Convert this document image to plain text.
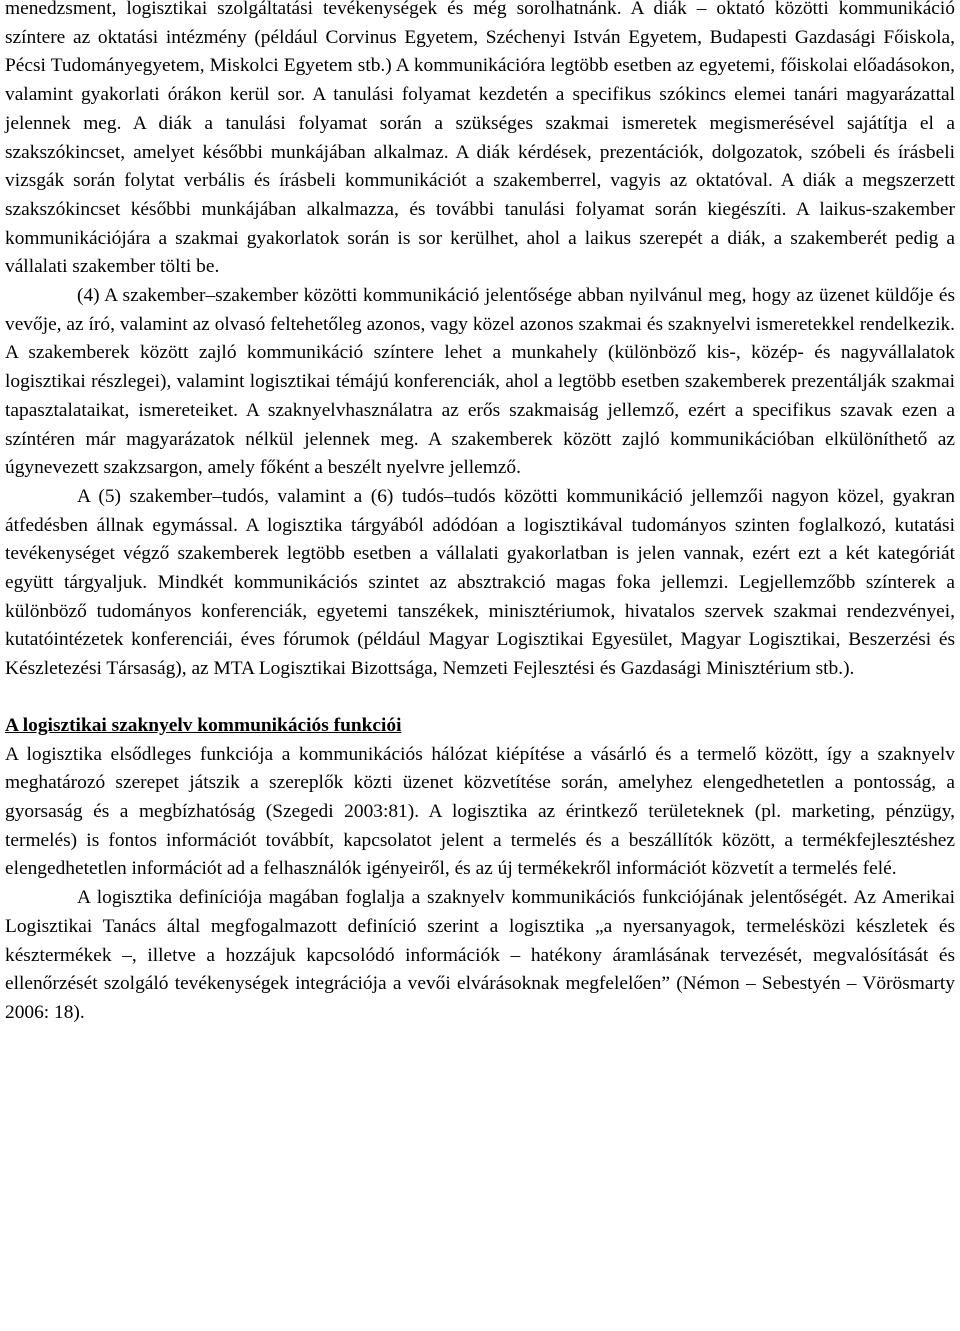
menedzsment, logisztikai szolgáltatási tevékenységek és még sorolhatnánk. A diák – oktató közötti kommunikáció színtere az oktatási intézmény (például Corvinus Egyetem, Széchenyi István Egyetem, Budapesti Gazdasági Főiskola, Pécsi Tudományegyetem, Miskolci Egyetem stb.) A kommunikációra legtöbb esetben az egyetemi, főiskolai előadásokon, valamint gyakorlati órákon kerül sor. A tanulási folyamat kezdetén a specifikus szókincs elemei tanári magyarázattal jelennek meg. A diák a tanulási folyamat során a szükséges szakmai ismeretek megismerésével sajátítja el a szakszókincset, amelyet későbbi munkájában alkalmaz. A diák kérdések, prezentációk, dolgozatok, szóbeli és írásbeli vizsgák során folytat verbális és írásbeli kommunikációt a szakemberrel, vagyis az oktatóval. A diák a megszerzett szakszókincset későbbi munkájában alkalmazza, és további tanulási folyamat során kiegészíti. A laikus-szakember kommunikációjára a szakmai gyakorlatok során is sor kerülhet, ahol a laikus szerepét a diák, a szakemberét pedig a vállalati szakember tölti be.

(4) A szakember–szakember közötti kommunikáció jelentősége abban nyilvánul meg, hogy az üzenet küldője és vevője, az író, valamint az olvasó feltehetőleg azonos, vagy közel azonos szakmai és szaknyelvi ismeretekkel rendelkezik. A szakemberek között zajló kommunikáció színtere lehet a munkahely (különböző kis-, közép- és nagyvállalatok logisztikai részlegei), valamint logisztikai témájú konferenciák, ahol a legtöbb esetben szakemberek prezentálják szakmai tapasztalataikat, ismereteiket. A szaknyelvhasználatra az erős szakmaiság jellemző, ezért a specifikus szavak ezen a színtéren már magyarázatok nélkül jelennek meg. A szakemberek között zajló kommunikációban elkülöníthető az úgynevezett szakzsargon, amely főként a beszélt nyelvre jellemző.

A (5) szakember–tudós, valamint a (6) tudós–tudós közötti kommunikáció jellemzői nagyon közel, gyakran átfedésben állnak egymással. A logisztika tárgyából adódóan a logisztikával tudományos szinten foglalkozó, kutatási tevékenységet végző szakemberek legtöbb esetben a vállalati gyakorlatban is jelen vannak, ezért ezt a két kategóriát együtt tárgyaljuk. Mindkét kommunikációs szintet az absztrakció magas foka jellemzi. Legjellemzőbb színterek a különböző tudományos konferenciák, egyetemi tanszékek, minisztériumok, hivatalos szervek szakmai rendezvényei, kutatóintézetek konferenciái, éves fórumok (például Magyar Logisztikai Egyesület, Magyar Logisztikai, Beszerzési és Készletezési Társaság), az MTA Logisztikai Bizottsága, Nemzeti Fejlesztési és Gazdasági Minisztérium stb.).

A logisztikai szaknyelv kommunikációs funkciói

A logisztika elsődleges funkciója a kommunikációs hálózat kiépítése a vásárló és a termelő között, így a szaknyelv meghatározó szerepet játszik a szereplők közti üzenet közvetítése során, amelyhez elengedhetetlen a pontosság, a gyorsaság és a megbízhatóság (Szegedi 2003:81). A logisztika az érintkező területeknek (pl. marketing, pénzügy, termelés) is fontos információt továbbít, kapcsolatot jelent a termelés és a beszállítók között, a termékfejlesztéshez elengedhetetlen információt ad a felhasználók igényeiről, és az új termékekről információt közvetít a termelés felé.

A logisztika definíciója magában foglalja a szaknyelv kommunikációs funkciójának jelentőségét. Az Amerikai Logisztikai Tanács által megfogalmazott definíció szerint a logisztika „a nyersanyagok, termelésközi készletek és késztermékek –, illetve a hozzájuk kapcsolódó információk – hatékony áramlásának tervezését, megvalósítását és ellenőrzését szolgáló tevékenységek integrációja a vevői elvárásoknak megfelelően” (Némon – Sebestyén – Vörösmarty 2006: 18).
